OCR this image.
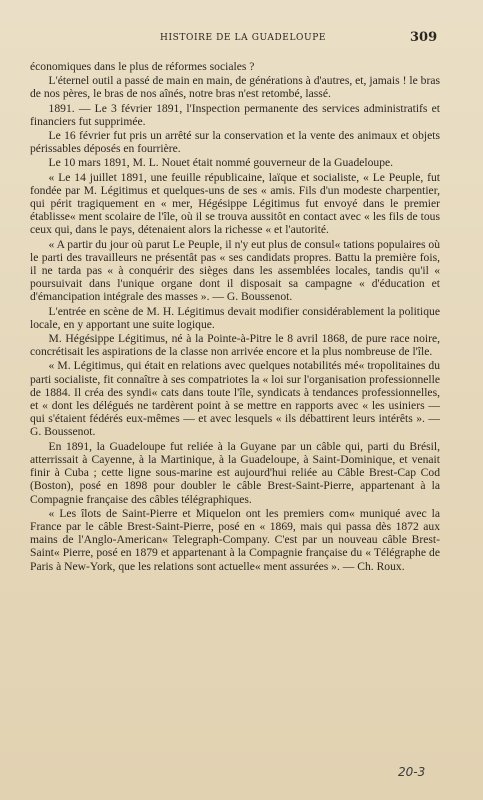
HISTOIRE DE LA GUADELOUPE	309

économiques dans le plus de réformes sociales ?

L'éternel outil a passé de main en main, de générations à d'autres, et, jamais ! le bras de nos pères, le bras de nos aînés, notre bras n'est retombé, lassé.

1891. — Le 3 février 1891, l'Inspection permanente des services administratifs et financiers fut supprimée.

Le 16 février fut pris un arrêté sur la conservation et la vente des animaux et objets périssables déposés en fourrière.

Le 10 mars 1891, M. L. Nouet était nommé gouverneur de la Guadeloupe.

« Le 14 juillet 1891, une feuille républicaine, laïque et socialiste, « Le Peuple, fut fondée par M. Légitimus et quelques-uns de ses « amis. Fils d'un modeste charpentier, qui périt tragiquement en « mer, Hégésippe Légitimus fut envoyé dans le premier établisse« ment scolaire de l'île, où il se trouva aussitôt en contact avec « les fils de tous ceux qui, dans le pays, détenaient alors la richesse « et l'autorité.

« A partir du jour où parut Le Peuple, il n'y eut plus de consul« tations populaires où le parti des travailleurs ne présentât pas « ses candidats propres. Battu la première fois, il ne tarda pas « à conquérir des sièges dans les assemblées locales, tandis qu'il « poursuivait dans l'unique organe dont il disposait sa campagne « d'éducation et d'émancipation intégrale des masses ». — G. Boussenot.

L'entrée en scène de M. H. Légitimus devait modifier considérablement la politique locale, en y apportant une suite logique.

M. Hégésippe Légitimus, né à la Pointe-à-Pitre le 8 avril 1868, de pure race noire, concrétisait les aspirations de la classe non arrivée encore et la plus nombreuse de l'île.

« M. Légitimus, qui était en relations avec quelques notabilités mé« tropolitaines du parti socialiste, fit connaître à ses compatriotes la « loi sur l'organisation professionnelle de 1884. Il créa des syndi« cats dans toute l'île, syndicats à tendances professionnelles, et « dont les délégués ne tardèrent point à se mettre en rapports avec « les usiniers — qui s'étaient fédérés eux-mêmes — et avec lesquels « ils débattirent leurs intérêts ». — G. Boussenot.

En 1891, la Guadeloupe fut reliée à la Guyane par un câble qui, parti du Brésil, atterrissait à Cayenne, à la Martinique, à la Guadeloupe, à Saint-Dominique, et venait finir à Cuba ; cette ligne sous-marine est aujourd'hui reliée au Câble Brest-Cap Cod (Boston), posé en 1898 pour doubler le câble Brest-Saint-Pierre, appartenant à la Compagnie française des câbles télégraphiques.

« Les îlots de Saint-Pierre et Miquelon ont les premiers com« muniqué avec la France par le câble Brest-Saint-Pierre, posé en « 1869, mais qui passa dès 1872 aux mains de l'Anglo-American« Telegraph-Company. C'est par un nouveau câble Brest-Saint« Pierre, posé en 1879 et appartenant à la Compagnie française du « Télégraphe de Paris à New-York, que les relations sont actuelle« ment assurées ». — Ch. Roux.

20-3
